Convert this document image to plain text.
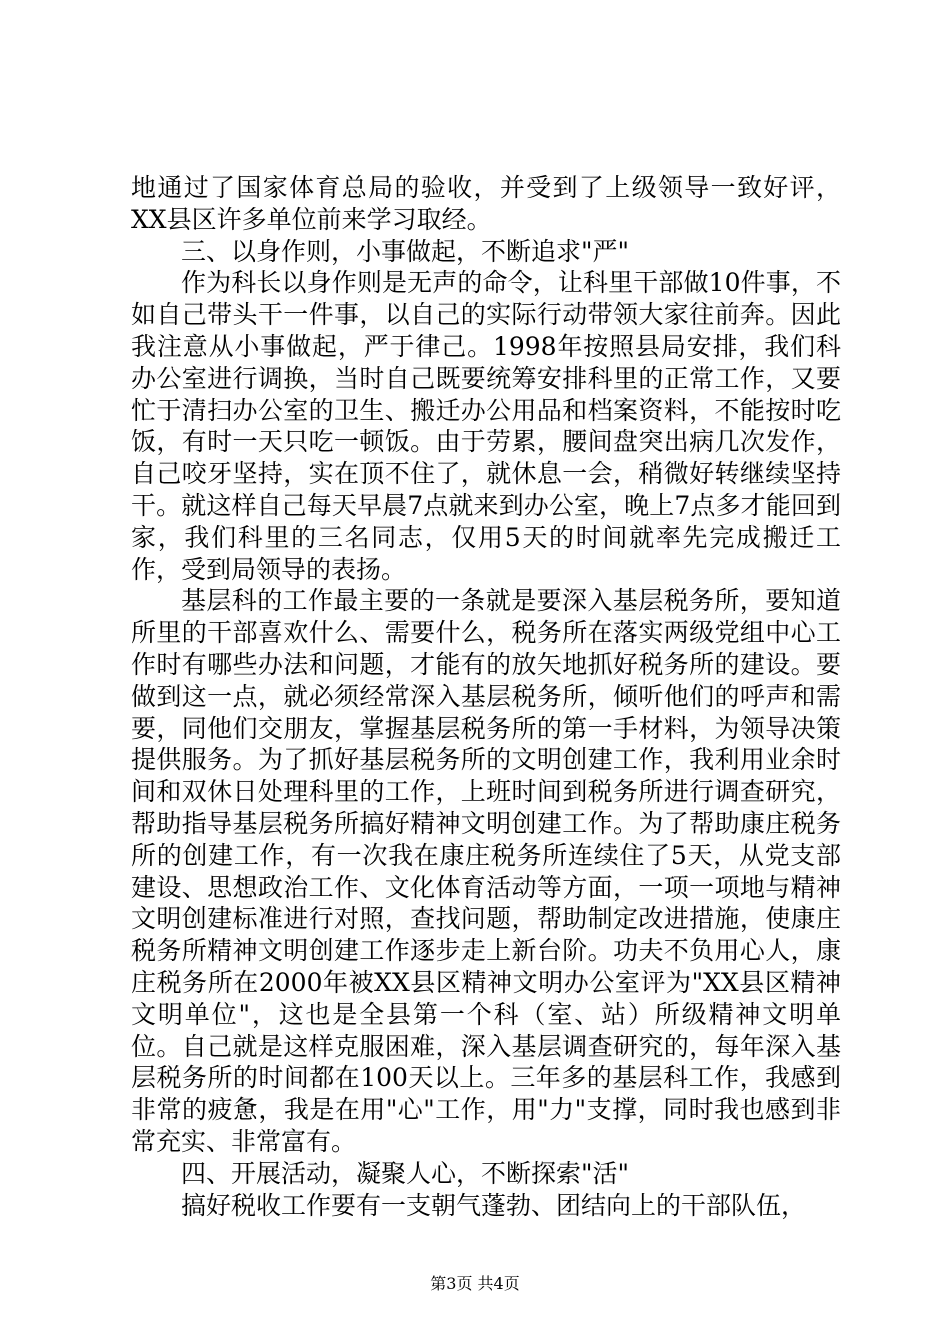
地通过了国家体育总局的验收，并受到了上级领导一致好评，XX县区许多单位前来学习取经。

三、以身作则，小事做起，不断追求"严"

作为科长以身作则是无声的命令，让科里干部做10件事，不如自己带头干一件事，以自己的实际行动带领大家往前奔。因此我注意从小事做起，严于律己。1998年按照县局安排，我们科办公室进行调换，当时自己既要统筹安排科里的正常工作，又要忙于清扫办公室的卫生、搬迁办公用品和档案资料，不能按时吃饭，有时一天只吃一顿饭。由于劳累，腰间盘突出病几次发作，自己咬牙坚持，实在顶不住了，就休息一会，稍微好转继续坚持干。就这样自己每天早晨7点就来到办公室，晚上7点多才能回到家，我们科里的三名同志，仅用5天的时间就率先完成搬迁工作，受到局领导的表扬。

基层科的工作最主要的一条就是要深入基层税务所，要知道所里的干部喜欢什么、需要什么，税务所在落实两级党组中心工作时有哪些办法和问题，才能有的放矢地抓好税务所的建设。要做到这一点，就必须经常深入基层税务所，倾听他们的呼声和需要，同他们交朋友，掌握基层税务所的第一手材料，为领导决策提供服务。为了抓好基层税务所的文明创建工作，我利用业余时间和双休日处理科里的工作，上班时间到税务所进行调查研究，帮助指导基层税务所搞好精神文明创建工作。为了帮助康庄税务所的创建工作，有一次我在康庄税务所连续住了5天，从党支部建设、思想政治工作、文化体育活动等方面，一项一项地与精神文明创建标准进行对照，查找问题，帮助制定改进措施，使康庄税务所精神文明创建工作逐步走上新台阶。功夫不负用心人，康庄税务所在2000年被XX县区精神文明办公室评为"XX县区精神文明单位"，这也是全县第一个科（室、站）所级精神文明单位。自己就是这样克服困难，深入基层调查研究的，每年深入基层税务所的时间都在100天以上。三年多的基层科工作，我感到非常的疲惫，我是在用"心"工作，用"力"支撑，同时我也感到非常充实、非常富有。

四、开展活动，凝聚人心，不断探索"活"

搞好税收工作要有一支朝气蓬勃、团结向上的干部队伍，

第3页 共4页
